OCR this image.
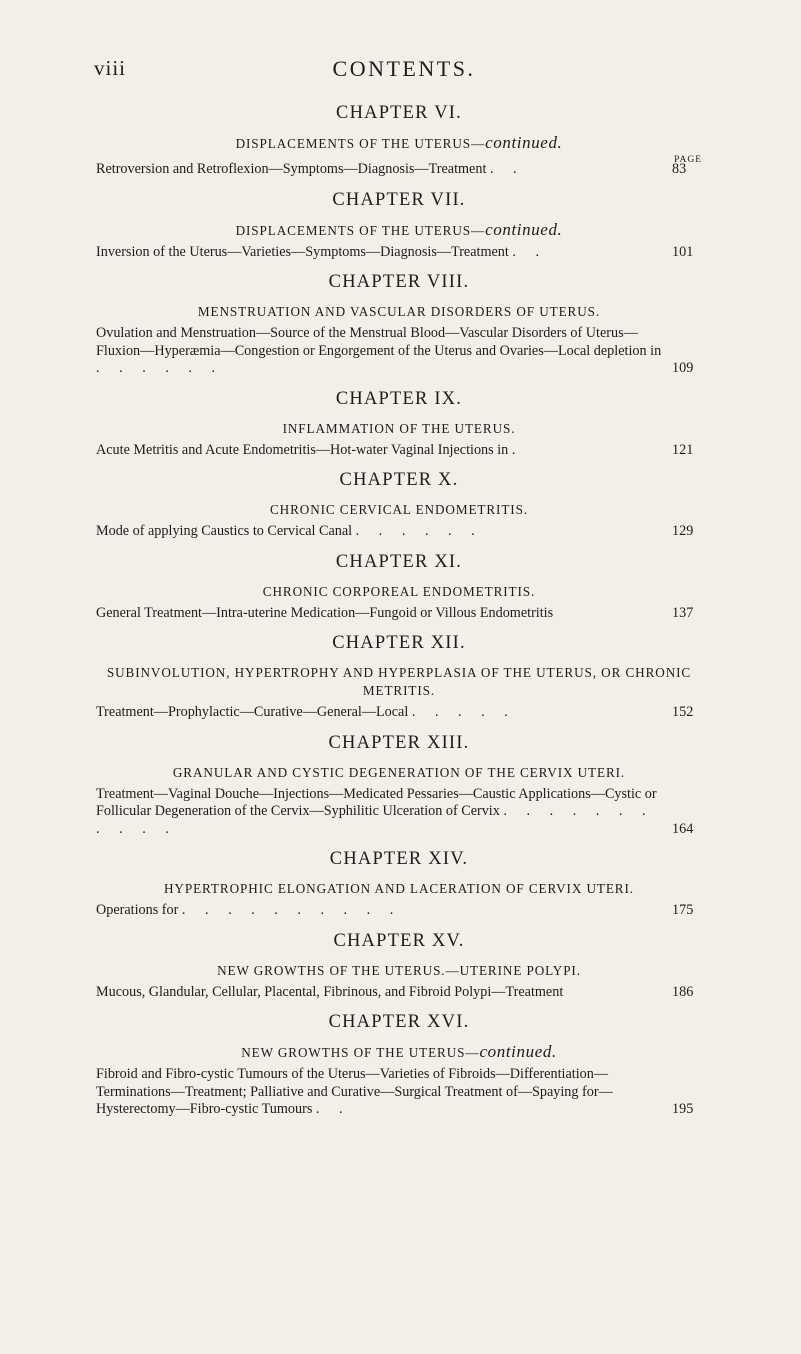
viii	CONTENTS.
CHAPTER VI.
DISPLACEMENTS OF THE UTERUS—continued.
PAGE
Retroversion and Retroflexion—Symptoms—Diagnosis—Treatment . .	83
CHAPTER VII.
DISPLACEMENTS OF THE UTERUS—continued.
Inversion of the Uterus—Varieties—Symptoms—Diagnosis—Treatment . .	101
CHAPTER VIII.
MENSTRUATION AND VASCULAR DISORDERS OF UTERUS.
Ovulation and Menstruation—Source of the Menstrual Blood—Vascular Disorders of Uterus—Fluxion—Hyperæmia—Congestion or Engorgement of the Uterus and Ovaries—Local depletion in . . . . . .	109
CHAPTER IX.
INFLAMMATION OF THE UTERUS.
Acute Metritis and Acute Endometritis—Hot-water Vaginal Injections in .	121
CHAPTER X.
CHRONIC CERVICAL ENDOMETRITIS.
Mode of applying Caustics to Cervical Canal . . . . . .	129
CHAPTER XI.
CHRONIC CORPOREAL ENDOMETRITIS.
General Treatment—Intra-uterine Medication—Fungoid or Villous Endometritis	137
CHAPTER XII.
SUBINVOLUTION, HYPERTROPHY AND HYPERPLASIA OF THE UTERUS, OR CHRONIC METRITIS.
Treatment—Prophylactic—Curative—General—Local . . . . .	152
CHAPTER XIII.
GRANULAR AND CYSTIC DEGENERATION OF THE CERVIX UTERI.
Treatment—Vaginal Douche—Injections—Medicated Pessaries—Caustic Applications—Cystic or Follicular Degeneration of the Cervix—Syphilitic Ulceration of Cervix . . . . . . . . . . .	164
CHAPTER XIV.
HYPERTROPHIC ELONGATION AND LACERATION OF CERVIX UTERI.
Operations for . . . . . . . . . .	175
CHAPTER XV.
NEW GROWTHS OF THE UTERUS.—UTERINE POLYPI.
Mucous, Glandular, Cellular, Placental, Fibrinous, and Fibroid Polypi—Treatment	186
CHAPTER XVI.
NEW GROWTHS OF THE UTERUS—continued.
Fibroid and Fibro-cystic Tumours of the Uterus—Varieties of Fibroids—Differentiation—Terminations—Treatment; Palliative and Curative—Surgical Treatment of—Spaying for—Hysterectomy—Fibro-cystic Tumours . .	195
